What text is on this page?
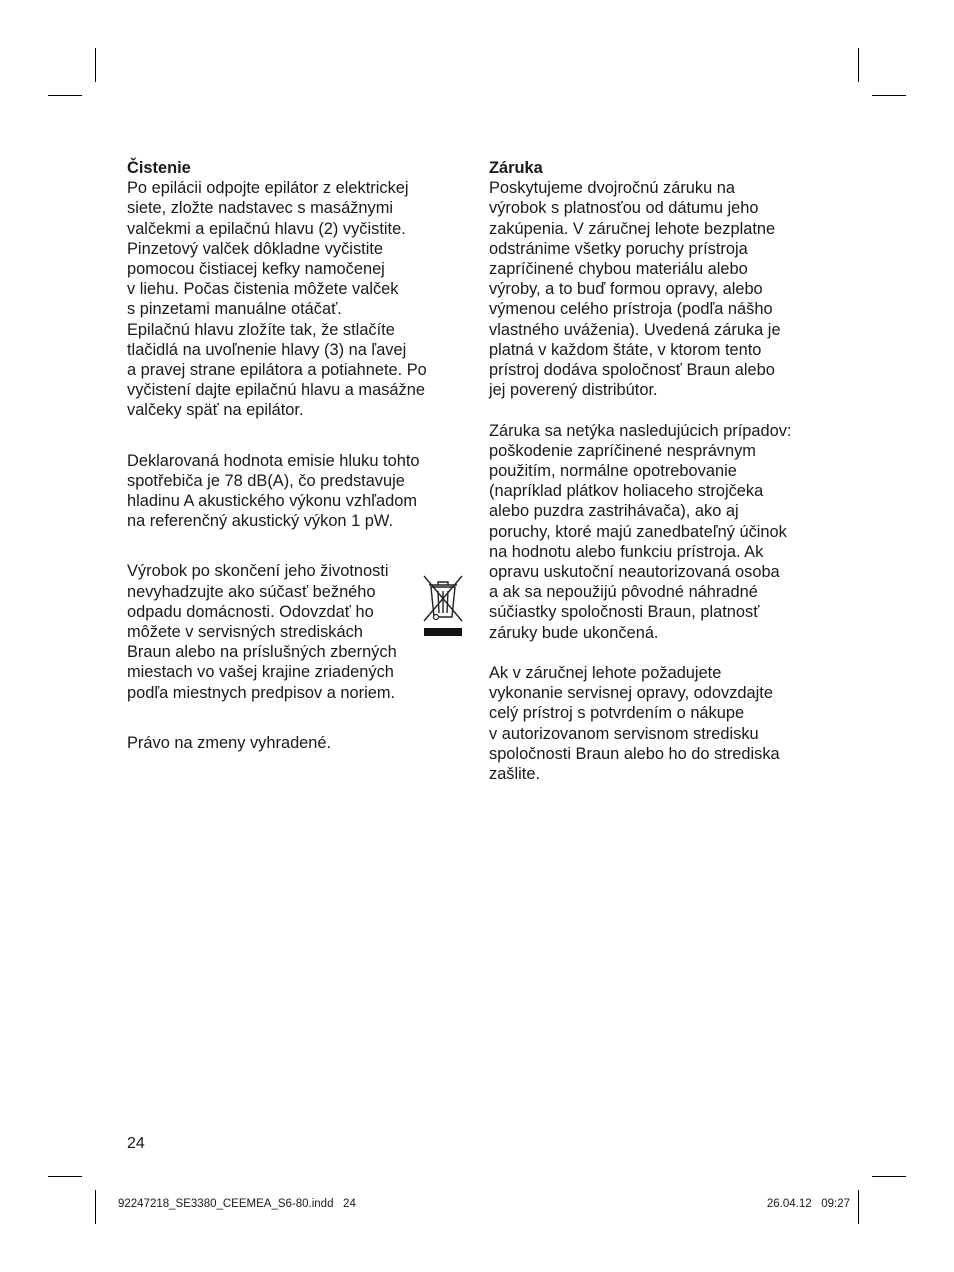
Čistenie
Po epilácii odpojte epilátor z elektrickej
siete, zložte nadstavec s masážnymi
valčekmi a epilačnú hlavu (2) vyčistite.
Pinzetový valček dôkladne vyčistite
pomocou čistiacej kefky namočenej
v liehu. Počas čistenia môžete valček
s pinzetami manuálne otáčať.
Epilačnú hlavu zložíte tak, že stlačíte
tlačidlá na uvoľnenie hlavy (3) na ľavej
a pravej strane epilátora a potiahnete. Po
vyčistení dajte epilačnú hlavu a masážne
valčeky späť na epilátor.
Deklarovaná hodnota emisie hluku tohto
spotřebiča je 78 dB(A), čo predstavuje
hladinu A akustického výkonu vzhľadom
na referenčný akustický výkon 1 pW.
Výrobok po skončení jeho životnosti
nevyhadzujte ako súčasť bežného
odpadu domácnosti. Odovzdať ho
môžete v servisných strediskách
Braun alebo na príslušných zberných
miestach vo vašej krajine zriadených
podľa miestnych predpisov a noriem.
Právo na zmeny vyhradené.
Záruka
Poskytujeme dvojročnú záruku na
výrobok s platnosťou od dátumu jeho
zakúpenia. V záručnej lehote bezplatne
odstránime všetky poruchy prístroja
zapríčinené chybou materiálu alebo
výroby, a to buď formou opravy, alebo
výmenou celého prístroja (podľa nášho
vlastného uváženia). Uvedená záruka je
platná v každom štáte, v ktorom tento
prístroj dodáva spoločnosť Braun alebo
jej poverený distribútor.
Záruka sa netýka nasledujúcich prípadov:
poškodenie zapríčinené nesprávnym
použitím, normálne opotrebovanie
(napríklad plátkov holiaceho strojčeka
alebo puzdra zastrihávača), ako aj
poruchy, ktoré majú zanedbateľný účinok
na hodnotu alebo funkciu prístroja. Ak
opravu uskutoční neautorizovaná osoba
a ak sa nepoužijú pôvodné náhradné
súčiastky spoločnosti Braun, platnosť
záruky bude ukončená.
Ak v záručnej lehote požadujete
vykonanie servisnej opravy, odovzdajte
celý prístroj s potvrdením o nákupe
v autorizovanom servisnom stredisku
spoločnosti Braun alebo ho do strediska
zašlite.
24
92247218_SE3380_CEEMEA_S6-80.indd   24	26.04.12   09:27
